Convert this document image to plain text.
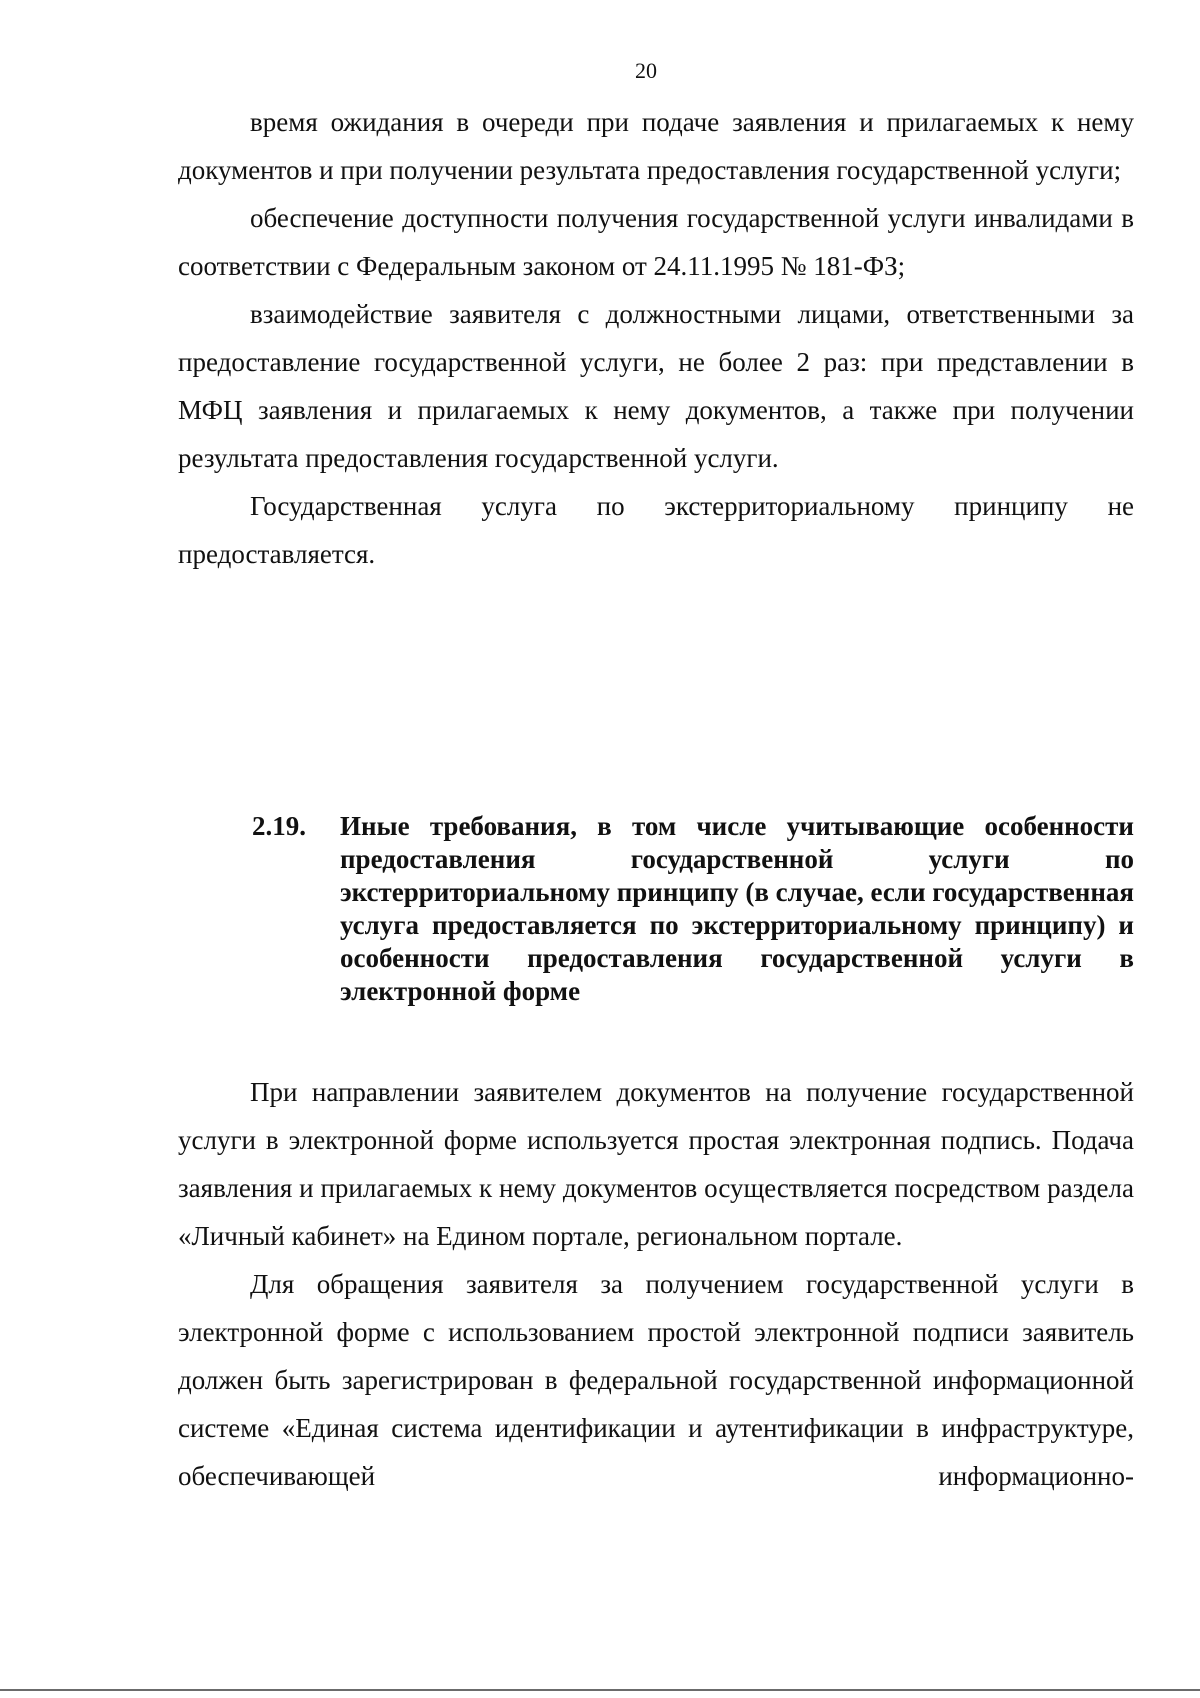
20

время ожидания в очереди при подаче заявления и прилагаемых к нему документов и при получении результата предоставления государственной услуги;

обеспечение доступности получения государственной услуги инвалидами в соответствии с Федеральным законом от 24.11.1995 № 181-ФЗ;

взаимодействие заявителя с должностными лицами, ответственными за предоставление государственной услуги, не более 2 раз: при представлении в МФЦ заявления и прилагаемых к нему документов, а также при получении результата предоставления государственной услуги.

Государственная услуга по экстерриториальному принципу не предоставляется.

2.19. Иные требования, в том числе учитывающие особенности предоставления государственной услуги по экстерриториальному принципу (в случае, если государственная услуга предоставляется по экстерриториальному принципу) и особенности предоставления государственной услуги в электронной форме

При направлении заявителем документов на получение государственной услуги в электронной форме используется простая электронная подпись. Подача заявления и прилагаемых к нему документов осуществляется посредством раздела «Личный кабинет» на Едином портале, региональном портале.

Для обращения заявителя за получением государственной услуги в электронной форме с использованием простой электронной подписи заявитель должен быть зарегистрирован в федеральной государственной информационной системе «Единая система идентификации и аутентификации в инфраструктуре, обеспечивающей информационно-
